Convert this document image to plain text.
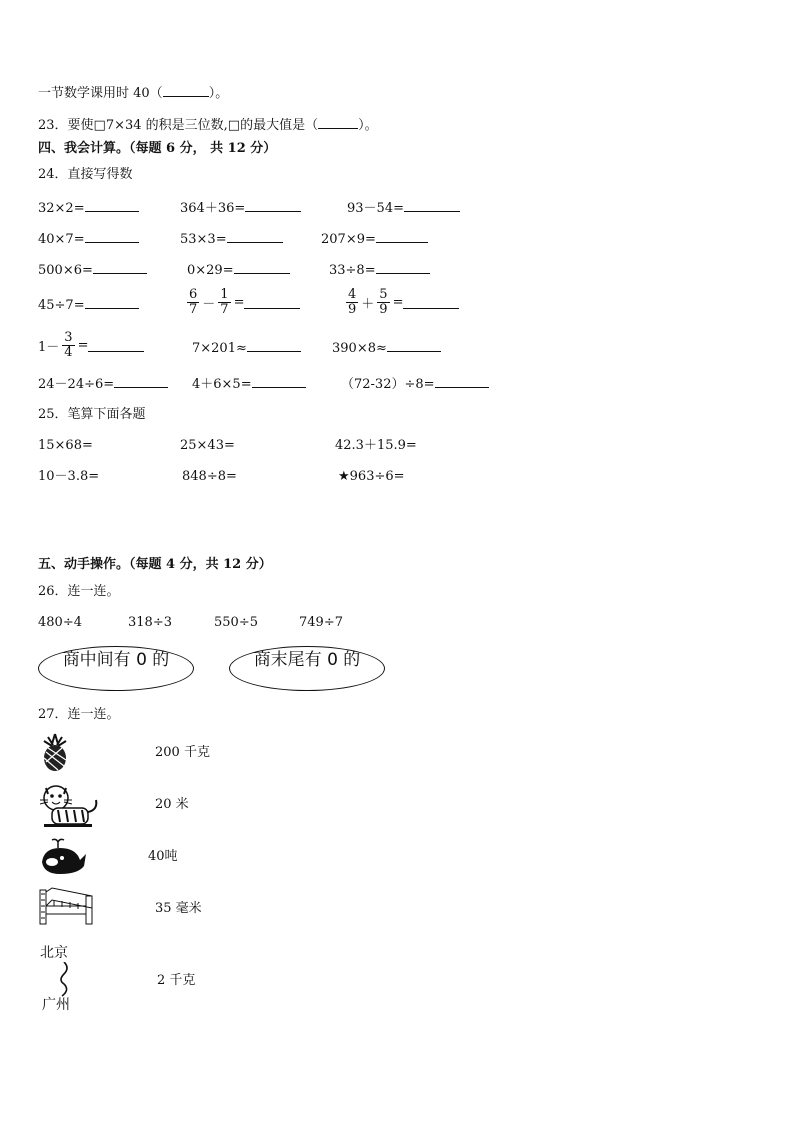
一节数学课用时 40（	）。
23．要使□7×34 的积是三位数,□的最大值是（	）。
四、我会计算。（每题 6 分， 共 12 分）
24．直接写得数
32×2=	364＋36=	93－54=
40×7=	53×3=	207×9=
500×6=	0×29=	33÷8=
45÷7=	$\frac{6}{7} - \frac{1}{7}$ =	$\frac{4}{9} + \frac{5}{9}$ =
$1- \frac{3}{4}$ =	7×201≈	390×8≈
24－24÷6=	4＋6×5=	（72-32）÷8=
25．笔算下面各题
15×68=	25×43=	42.3＋15.9=
10－3.8=	848÷8=	★963÷6=
五、动手操作。（每题 4 分，共 12 分）
26．连一连。
480÷4	318÷3	550÷5	749÷7
商中间有 0 的	商末尾有 0 的
27．连一连。
200 千克
20 米
40吨
35 毫米
北京
广州
2 千克
